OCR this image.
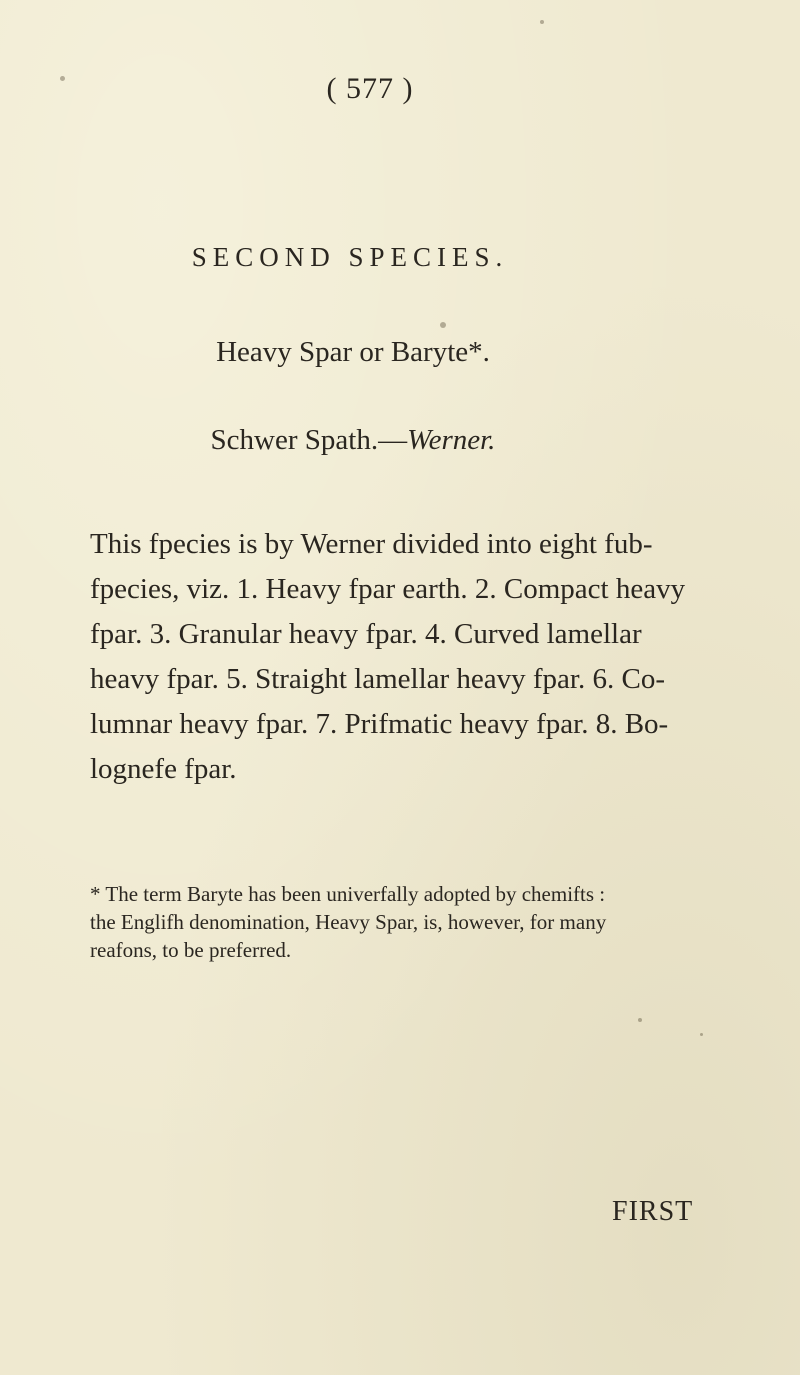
( 577 )
SECOND SPECIES.
Heavy Spar or Baryte*.
Schwer Spath.—Werner.

This fpecies is by Werner divided into eight fub-
fpecies, viz. 1. Heavy fpar earth. 2. Compact heavy
fpar. 3. Granular heavy fpar. 4. Curved lamellar
heavy fpar. 5. Straight lamellar heavy fpar. 6. Co-
lumnar heavy fpar. 7. Prifmatic heavy fpar. 8. Bo-
lognefe fpar.

* The term Baryte has been univerfally adopted by chemifts :
the Englifh denomination, Heavy Spar, is, however, for many
reafons, to be preferred.

FIRST
